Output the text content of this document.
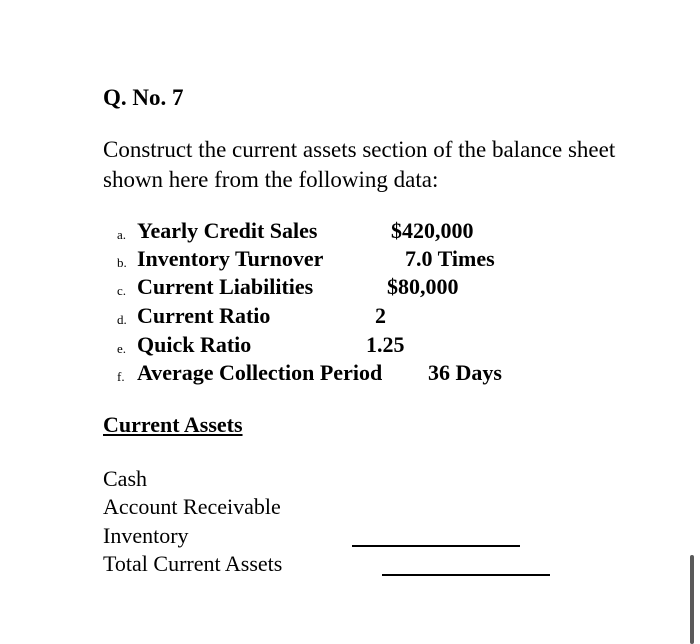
Q. No. 7
Construct the current assets section of the balance sheet shown here from the following data:
a. Yearly Credit Sales	$420,000
b. Inventory Turnover	7.0 Times
c. Current Liabilities	$80,000
d. Current Ratio	2
e. Quick Ratio	1.25
f. Average Collection Period 36 Days
Current Assets
Cash
Account Receivable
Inventory
Total Current Assets
